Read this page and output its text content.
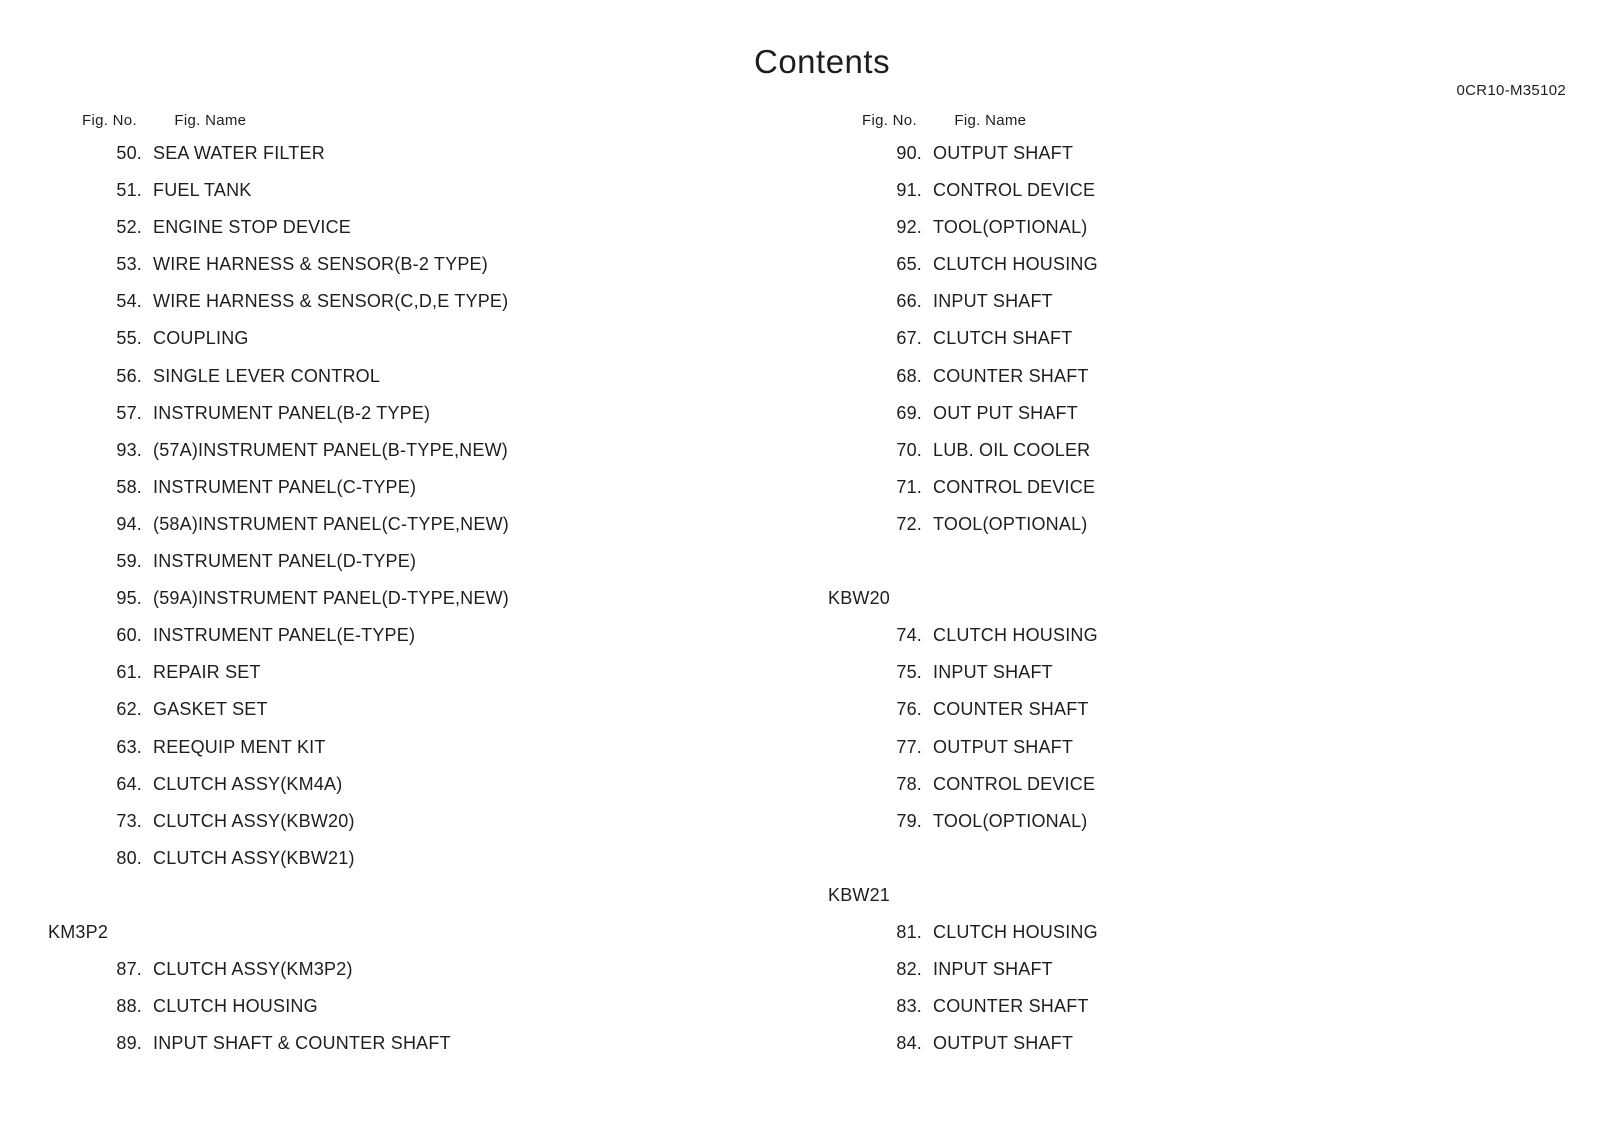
Contents
0CR10-M35102
Fig. No. Fig. Name
50. SEA WATER FILTER
51. FUEL TANK
52. ENGINE STOP DEVICE
53. WIRE HARNESS & SENSOR(B-2 TYPE)
54. WIRE HARNESS & SENSOR(C,D,E TYPE)
55. COUPLING
56. SINGLE LEVER CONTROL
57. INSTRUMENT PANEL(B-2 TYPE)
93. (57A)INSTRUMENT PANEL(B-TYPE,NEW)
58. INSTRUMENT PANEL(C-TYPE)
94. (58A)INSTRUMENT PANEL(C-TYPE,NEW)
59. INSTRUMENT PANEL(D-TYPE)
95. (59A)INSTRUMENT PANEL(D-TYPE,NEW)
60. INSTRUMENT PANEL(E-TYPE)
61. REPAIR SET
62. GASKET SET
63. REEQUIP MENT KIT
64. CLUTCH ASSY(KM4A)
73. CLUTCH ASSY(KBW20)
80. CLUTCH ASSY(KBW21)
KM3P2
87. CLUTCH ASSY(KM3P2)
88. CLUTCH HOUSING
89. INPUT SHAFT & COUNTER SHAFT
Fig. No. Fig. Name
90. OUTPUT SHAFT
91. CONTROL DEVICE
92. TOOL(OPTIONAL)
65. CLUTCH HOUSING
66. INPUT SHAFT
67. CLUTCH SHAFT
68. COUNTER SHAFT
69. OUT PUT SHAFT
70. LUB. OIL COOLER
71. CONTROL DEVICE
72. TOOL(OPTIONAL)
KBW20
74. CLUTCH HOUSING
75. INPUT SHAFT
76. COUNTER SHAFT
77. OUTPUT SHAFT
78. CONTROL DEVICE
79. TOOL(OPTIONAL)
KBW21
81. CLUTCH HOUSING
82. INPUT SHAFT
83. COUNTER SHAFT
84. OUTPUT SHAFT
